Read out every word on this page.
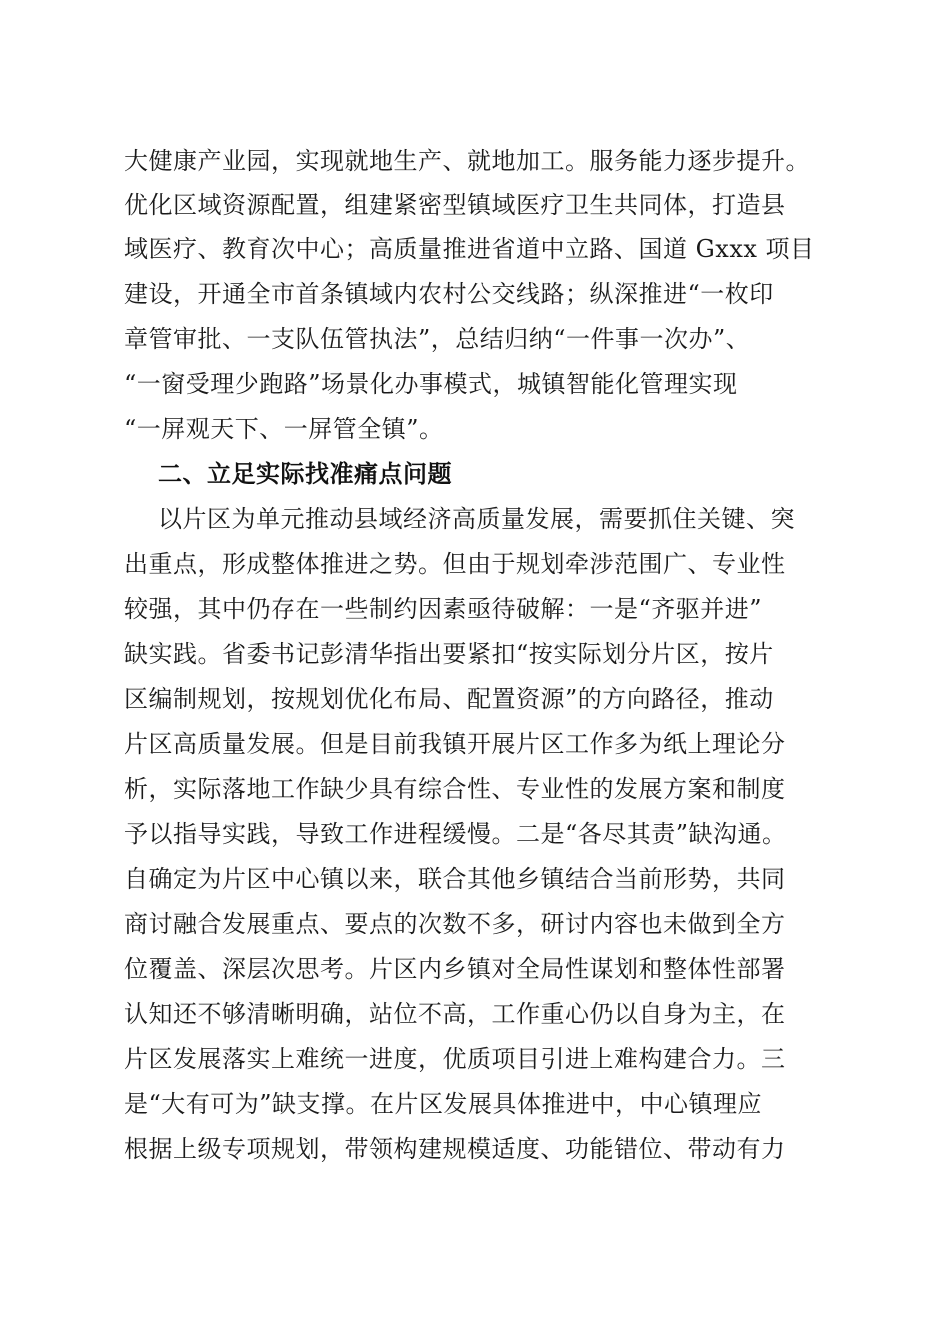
大健康产业园，实现就地生产、就地加工。服务能力逐步提升。
优化区域资源配置，组建紧密型镇域医疗卫生共同体，打造县
域医疗、教育次中心；高质量推进省道中立路、国道 Gxxx 项目
建设，开通全市首条镇域内农村公交线路；纵深推进“一枚印
章管审批、一支队伍管执法”，总结归纳“一件事一次办”、
“一窗受理少跑路”场景化办事模式，城镇智能化管理实现
“一屏观天下、一屏管全镇”。
二、立足实际找准痛点问题
以片区为单元推动县域经济高质量发展，需要抓住关键、突
出重点，形成整体推进之势。但由于规划牵涉范围广、专业性
较强，其中仍存在一些制约因素亟待破解：一是“齐驱并进”
缺实践。省委书记彭清华指出要紧扣“按实际划分片区，按片
区编制规划，按规划优化布局、配置资源”的方向路径，推动
片区高质量发展。但是目前我镇开展片区工作多为纸上理论分
析，实际落地工作缺少具有综合性、专业性的发展方案和制度
予以指导实践，导致工作进程缓慢。二是“各尽其责”缺沟通。
自确定为片区中心镇以来，联合其他乡镇结合当前形势，共同
商讨融合发展重点、要点的次数不多，研讨内容也未做到全方
位覆盖、深层次思考。片区内乡镇对全局性谋划和整体性部署
认知还不够清晰明确，站位不高，工作重心仍以自身为主，在
片区发展落实上难统一进度，优质项目引进上难构建合力。三
是“大有可为”缺支撑。在片区发展具体推进中，中心镇理应
根据上级专项规划，带领构建规模适度、功能错位、带动有力
